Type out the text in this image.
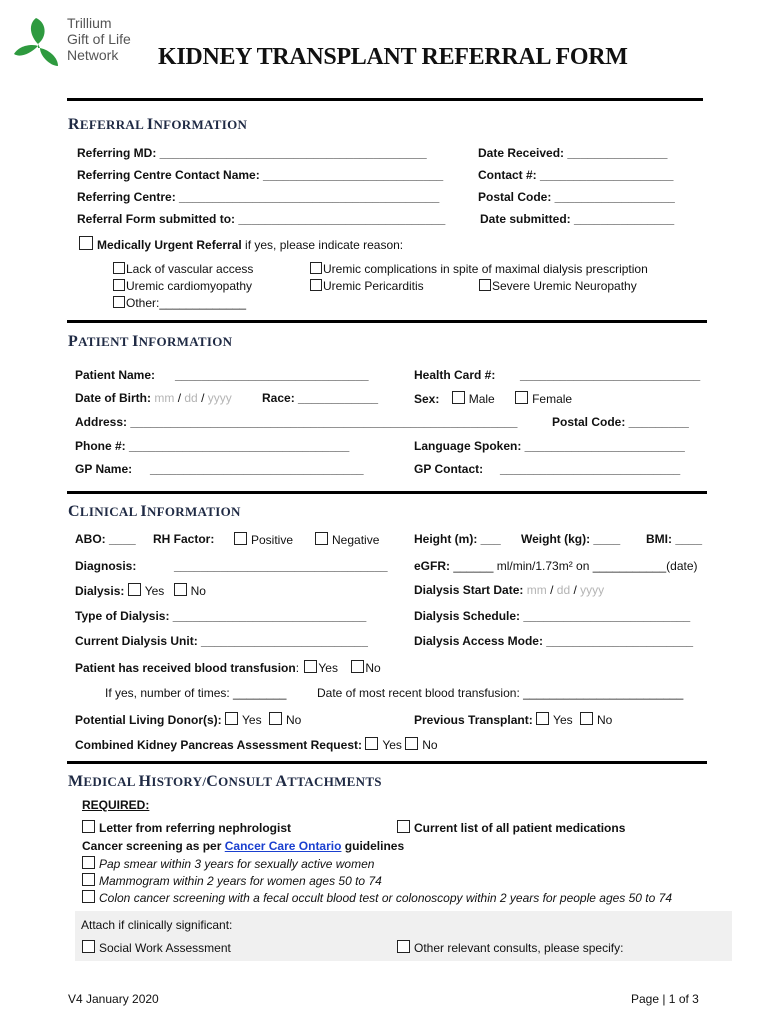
Trillium
Gift of Life
Network	KIDNEY TRANSPLANT REFERRAL FORM
REFERRAL INFORMATION
Referring MD: ________________________________________	Date Received: _______________
Referring Centre Contact Name: ___________________________	Contact #: ____________________
Referring Centre: _______________________________________	Postal Code: __________________
Referral Form submitted to: _______________________________	Date submitted: _______________
Medically Urgent Referral if yes, please indicate reason:
Lack of vascular access
Uremic cardiomyopathy
Other:_____________
Uremic complications in spite of maximal dialysis prescription
Uremic Pericarditis	Severe Uremic Neuropathy
PATIENT INFORMATION
Patient Name: _____________________________	Health Card #: ___________________________
Date of Birth: mm / dd / yyyy	Race: ____________	Sex: Male	Female
Address: __________________________________________________________	Postal Code: _________
Phone #: _________________________________	Language Spoken: ________________________
GP Name: ________________________________	GP Contact: ___________________________
CLINICAL INFORMATION
ABO: ____ RH Factor:	Positive	Negative	Height (m): ___ Weight (kg): ____ BMI: ____
Diagnosis:	________________________________ eGFR: ______ ml/min/1.73m² on ___________(date)
Dialysis: Yes No	Dialysis Start Date: mm / dd / yyyy
Type of Dialysis: _____________________________	Dialysis Schedule: _________________________
Current Dialysis Unit: _________________________	Dialysis Access Mode: ______________________
Patient has received blood transfusion: Yes No
If yes, number of times: ________	Date of most recent blood transfusion: ________________________
Potential Living Donor(s): Yes No	Previous Transplant: Yes No
Combined Kidney Pancreas Assessment Request: Yes No
MEDICAL HISTORY/CONSULT ATTACHMENTS
REQUIRED:
Letter from referring nephrologist	Current list of all patient medications
Cancer screening as per Cancer Care Ontario guidelines
Pap smear within 3 years for sexually active women
Mammogram within 2 years for women ages 50 to 74
Colon cancer screening with a fecal occult blood test or colonoscopy within 2 years for people ages 50 to 74
Attach if clinically significant:
Social Work Assessment	Other relevant consults, please specify:
V4 January 2020	Page | 1 of 3
